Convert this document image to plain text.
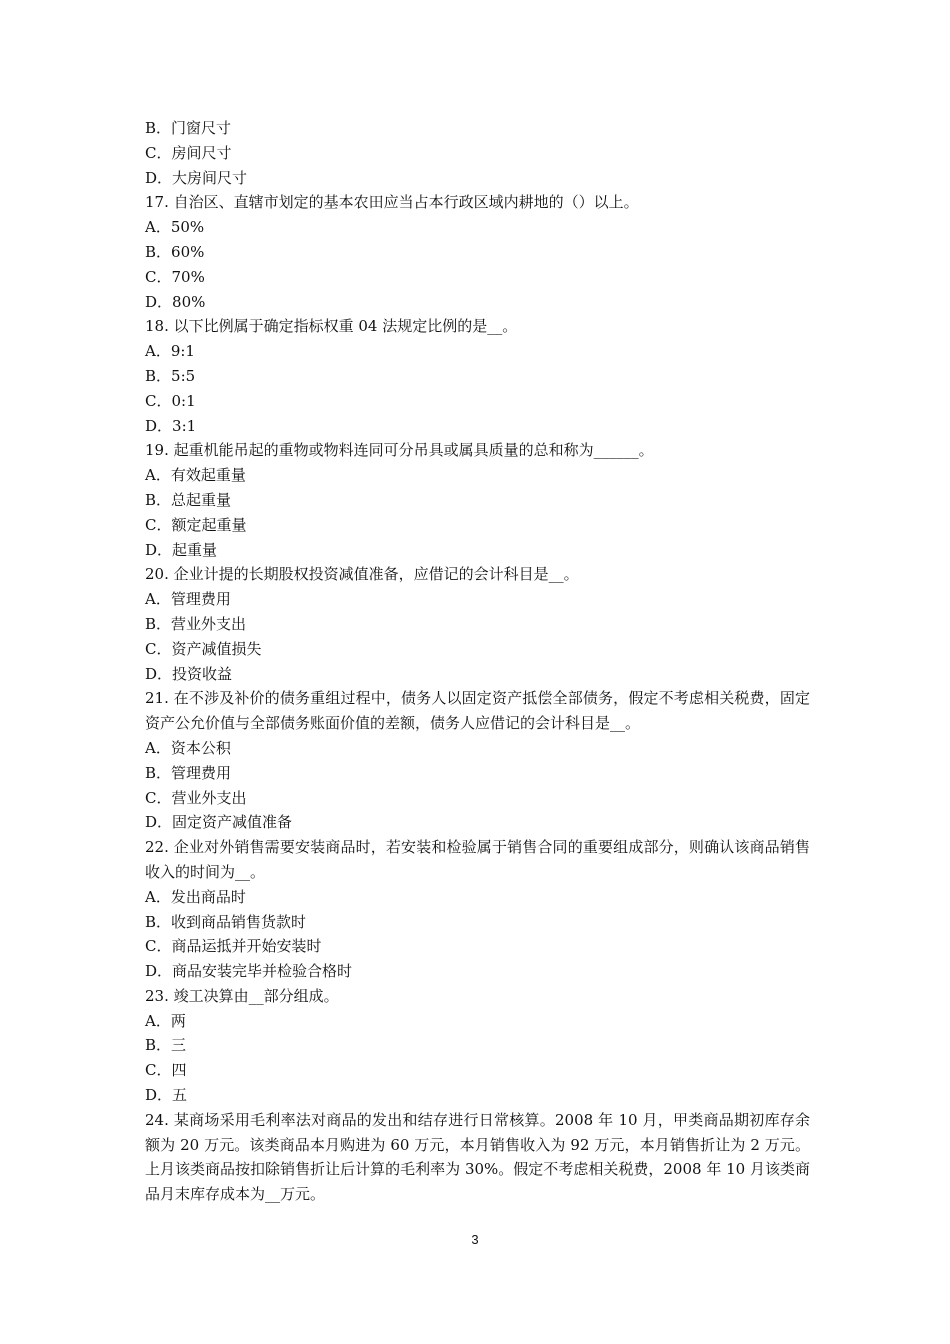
B．门窗尺寸

C．房间尺寸

D．大房间尺寸

17. 自治区、直辖市划定的基本农田应当占本行政区域内耕地的（）以上。

A．50%

B．60%

C．70%

D．80%

18. 以下比例属于确定指标权重 04 法规定比例的是__。

A．9:1

B．5:5

C．0:1

D．3:1

19. 起重机能吊起的重物或物料连同可分吊具或属具质量的总和称为______。

A．有效起重量

B．总起重量

C．额定起重量

D．起重量

20. 企业计提的长期股权投资减值准备，应借记的会计科目是__。

A．管理费用

B．营业外支出

C．资产减值损失

D．投资收益

21. 在不涉及补价的债务重组过程中，债务人以固定资产抵偿全部债务，假定不考虑相关税费，固定资产公允价值与全部债务账面价值的差额，债务人应借记的会计科目是__。

A．资本公积

B．管理费用

C．营业外支出

D．固定资产减值准备

22. 企业对外销售需要安装商品时，若安装和检验属于销售合同的重要组成部分，则确认该商品销售收入的时间为__。

A．发出商品时

B．收到商品销售货款时

C．商品运抵并开始安装时

D．商品安装完毕并检验合格时

23. 竣工决算由__部分组成。

A．两

B．三

C．四

D．五

24. 某商场采用毛利率法对商品的发出和结存进行日常核算。2008 年 10 月，甲类商品期初库存余额为 20 万元。该类商品本月购进为 60 万元，本月销售收入为 92 万元，本月销售折让为 2 万元。上月该类商品按扣除销售折让后计算的毛利率为 30%。假定不考虑相关税费，2008 年 10 月该类商品月末库存成本为__万元。

3
